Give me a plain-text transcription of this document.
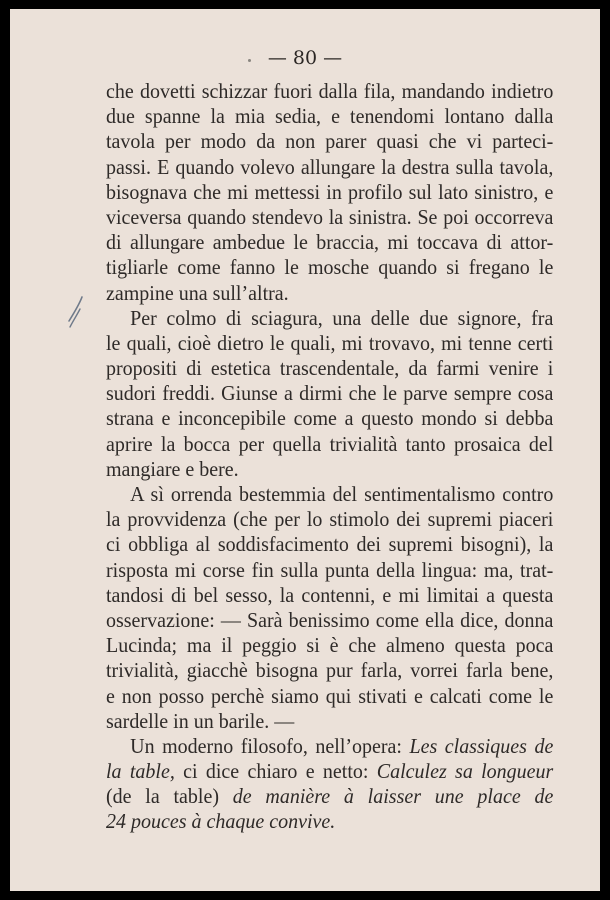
— 80 —
che dovetti schizzar fuori dalla fila, mandando indietro
due spanne la mia sedia, e tenendomi lontano dalla
tavola per modo da non parer quasi che vi parteci-
passi. E quando volevo allungare la destra sulla tavola,
bisognava che mi mettessi in profilo sul lato sinistro, e
viceversa quando stendevo la sinistra. Se poi occorreva
di allungare ambedue le braccia, mi toccava di attor-
tigliarle come fanno le mosche quando si fregano le
zampine una sull’altra.
Per colmo di sciagura, una delle due signore, fra
le quali, cioè dietro le quali, mi trovavo, mi tenne certi
propositi di estetica trascendentale, da farmi venire i
sudori freddi. Giunse a dirmi che le parve sempre cosa
strana e inconcepibile come a questo mondo si debba
aprire la bocca per quella trivialità tanto prosaica del
mangiare e bere.
A sì orrenda bestemmia del sentimentalismo contro
la provvidenza (che per lo stimolo dei supremi piaceri
ci obbliga al soddisfacimento dei supremi bisogni), la
risposta mi corse fin sulla punta della lingua: ma, trat-
tandosi di bel sesso, la contenni, e mi limitai a questa
osservazione: — Sarà benissimo come ella dice, donna
Lucinda; ma il peggio si è che almeno questa poca
trivialità, giacchè bisogna pur farla, vorrei farla bene,
e non posso perchè siamo qui stivati e calcati come le
sardelle in un barile. —
Un moderno filosofo, nell’opera: Les classiques de
la table, ci dice chiaro e netto: Calculez sa longueur
(de la table) de manière à laisser une place de
24 pouces à chaque convive.
